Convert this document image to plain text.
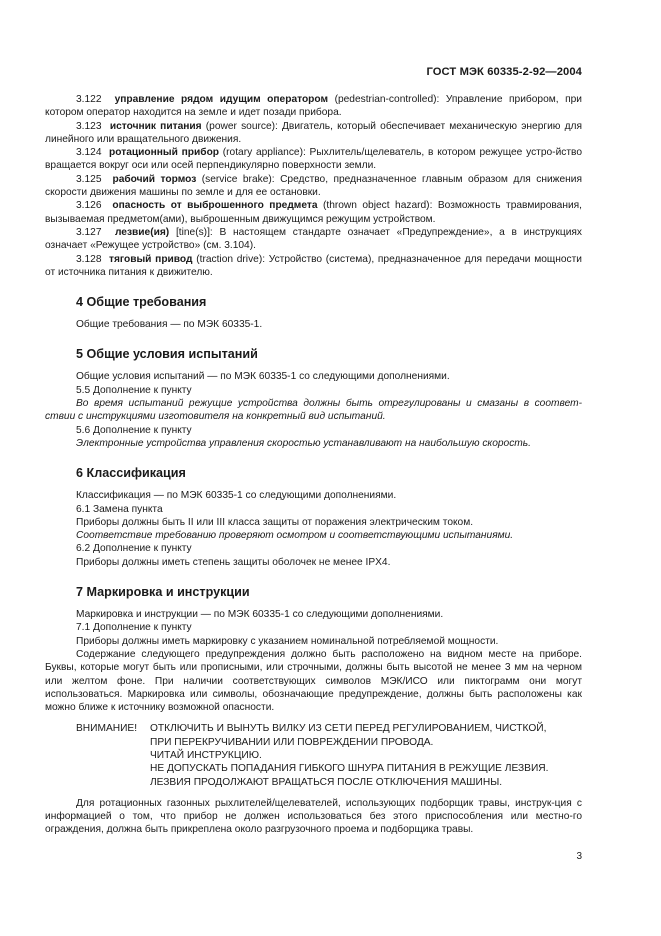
ГОСТ МЭК 60335-2-92—2004

3.122 управление рядом идущим оператором (pedestrian-controlled): Управление прибором, при котором оператор находится на земле и идет позади прибора.

3.123 источник питания (power source): Двигатель, который обеспечивает механическую энергию для линейного или вращательного движения.

3.124 ротационный прибор (rotary appliance): Рыхлитель/щелеватель, в котором режущее устро-йство вращается вокруг оси или осей перпендикулярно поверхности земли.

3.125 рабочий тормоз (service brake): Средство, предназначенное главным образом для снижения скорости движения машины по земле и для ее остановки.

3.126 опасность от выброшенного предмета (thrown object hazard): Возможность травмирования, вызываемая предметом(ами), выброшенным движущимся режущим устройством.

3.127 лезвие(ия) [tine(s)]: В настоящем стандарте означает «Предупреждение», а в инструкциях означает «Режущее устройство» (см. 3.104).

3.128 тяговый привод (traction drive): Устройство (система), предназначенное для передачи мощности от источника питания к движителю.

4 Общие требования

Общие требования — по МЭК 60335-1.

5 Общие условия испытаний

Общие условия испытаний — по МЭК 60335-1 со следующими дополнениями.

5.5 Дополнение к пункту

Во время испытаний режущие устройства должны быть отрегулированы и смазаны в соответ-ствии с инструкциями изготовителя на конкретный вид испытаний.

5.6 Дополнение к пункту

Электронные устройства управления скоростью устанавливают на наибольшую скорость.

6 Классификация

Классификация — по МЭК 60335-1 со следующими дополнениями.

6.1 Замена пункта

Приборы должны быть II или III класса защиты от поражения электрическим током.

Соответствие требованию проверяют осмотром и соответствующими испытаниями.

6.2 Дополнение к пункту

Приборы должны иметь степень защиты оболочек не менее IPX4.

7 Маркировка и инструкции

Маркировка и инструкции — по МЭК 60335-1 со следующими дополнениями.

7.1 Дополнение к пункту

Приборы должны иметь маркировку с указанием номинальной потребляемой мощности.

Содержание следующего предупреждения должно быть расположено на видном месте на приборе. Буквы, которые могут быть или прописными, или строчными, должны быть высотой не менее 3 мм на черном или желтом фоне. При наличии соответствующих символов МЭК/ИСО или пиктограмм они могут использоваться. Маркировка или символы, обозначающие предупреждение, должны быть расположены как можно ближе к источнику возможной опасности.

ВНИМАНИЕ!	ОТКЛЮЧИТЬ И ВЫНУТЬ ВИЛКУ ИЗ СЕТИ ПЕРЕД РЕГУЛИРОВАНИЕМ, ЧИСТКОЙ,
ПРИ ПЕРЕКРУЧИВАНИИ ИЛИ ПОВРЕЖДЕНИИ ПРОВОДА.
ЧИТАЙ ИНСТРУКЦИЮ.
НЕ ДОПУСКАТЬ ПОПАДАНИЯ ГИБКОГО ШНУРА ПИТАНИЯ В РЕЖУЩИЕ ЛЕЗВИЯ.
ЛЕЗВИЯ ПРОДОЛЖАЮТ ВРАЩАТЬСЯ ПОСЛЕ ОТКЛЮЧЕНИЯ МАШИНЫ.

Для ротационных газонных рыхлителей/щелевателей, использующих подборщик травы, инструк-ция с информацией о том, что прибор не должен использоваться без этого приспособления или местно-го ограждения, должна быть прикреплена около разгрузочного проема и подборщика травы.

3
